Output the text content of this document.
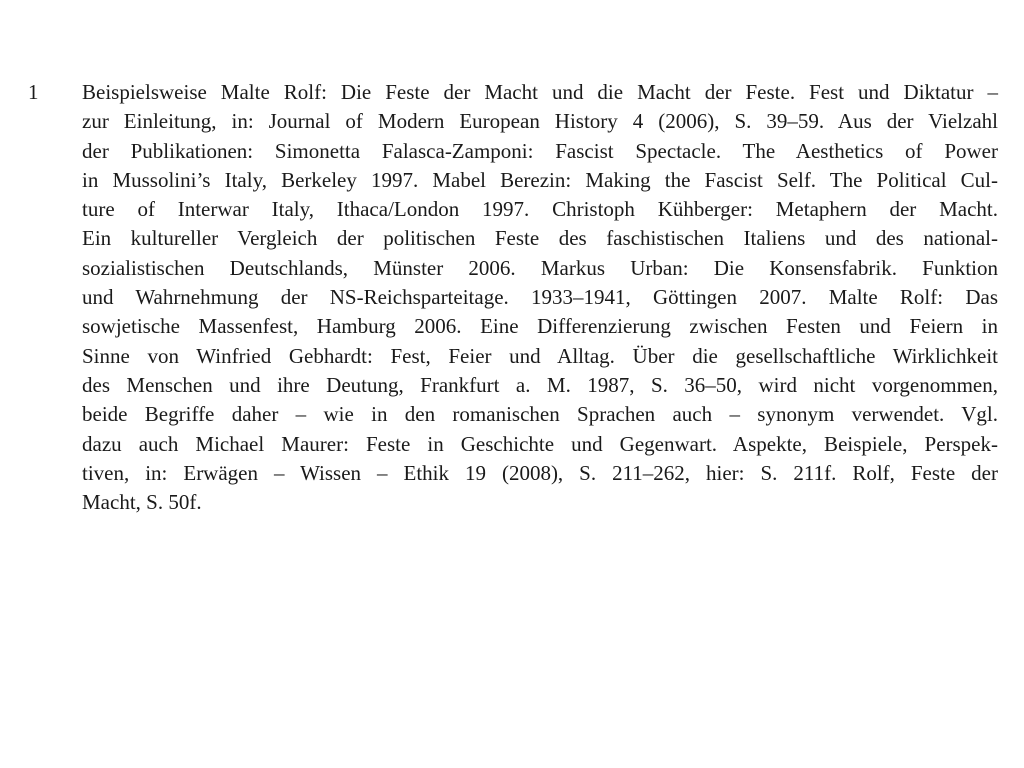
1	Beispielsweise Malte Rolf: Die Feste der Macht und die Macht der Feste. Fest und Diktatur –
zur Einleitung, in: Journal of Modern European History 4 (2006), S. 39–59. Aus der Vielzahl
der Publikationen: Simonetta Falasca-Zamponi: Fascist Spectacle. The Aesthetics of Power
in Mussolini’s Italy, Berkeley 1997. Mabel Berezin: Making the Fascist Self. The Political Cul-
ture of Interwar Italy, Ithaca/London 1997. Christoph Kühberger: Metaphern der Macht.
Ein kultureller Vergleich der politischen Feste des faschistischen Italiens und des national-
sozialistischen Deutschlands, Münster 2006. Markus Urban: Die Konsensfabrik. Funktion
und Wahrnehmung der NS-Reichsparteitage. 1933–1941, Göttingen 2007. Malte Rolf: Das
sowjetische Massenfest, Hamburg 2006. Eine Differenzierung zwischen Festen und Feiern in
Sinne von Winfried Gebhardt: Fest, Feier und Alltag. Über die gesellschaftliche Wirklichkeit
des Menschen und ihre Deutung, Frankfurt a. M. 1987, S. 36–50, wird nicht vorgenommen,
beide Begriffe daher – wie in den romanischen Sprachen auch – synonym verwendet. Vgl.
dazu auch Michael Maurer: Feste in Geschichte und Gegenwart. Aspekte, Beispiele, Perspek-
tiven, in: Erwägen – Wissen – Ethik 19 (2008), S. 211–262, hier: S. 211f. Rolf, Feste der
Macht, S. 50f.
